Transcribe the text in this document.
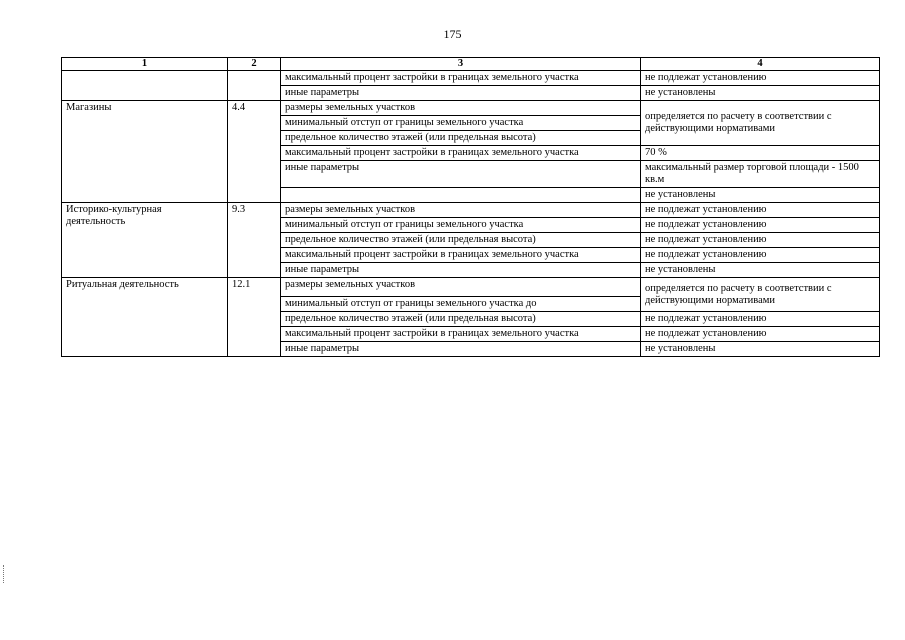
175
1	2	3	4
		максимальный процент застройки в границах земельного участка	не подлежат установлению
		иные параметры	не установлены
Магазины	4.4	размеры земельных участков	определяется по расчету в соответствии с действующими нормативами
		минимальный отступ от границы земельного участка	
		предельное количество этажей (или предельная высота)	
		максимальный процент застройки в границах земельного участка	70 %
		иные параметры	максимальный размер торговой площади - 1500 кв.м
			не установлены
Историко-культурная деятельность	9.3	размеры земельных участков	не подлежат установлению
		минимальный отступ от границы земельного участка	не подлежат установлению
		предельное количество этажей (или предельная высота)	не подлежат установлению
		максимальный процент застройки в границах земельного участка	не подлежат установлению
		иные параметры	не установлены
Ритуальная деятельность	12.1	размеры земельных участков	определяется по расчету в соответствии с действующими нормативами
		минимальный отступ от границы земельного участка до	
		предельное количество этажей (или предельная высота)	не подлежат установлению
		максимальный процент застройки в границах земельного участка	не подлежат установлению
		иные параметры	не установлены
